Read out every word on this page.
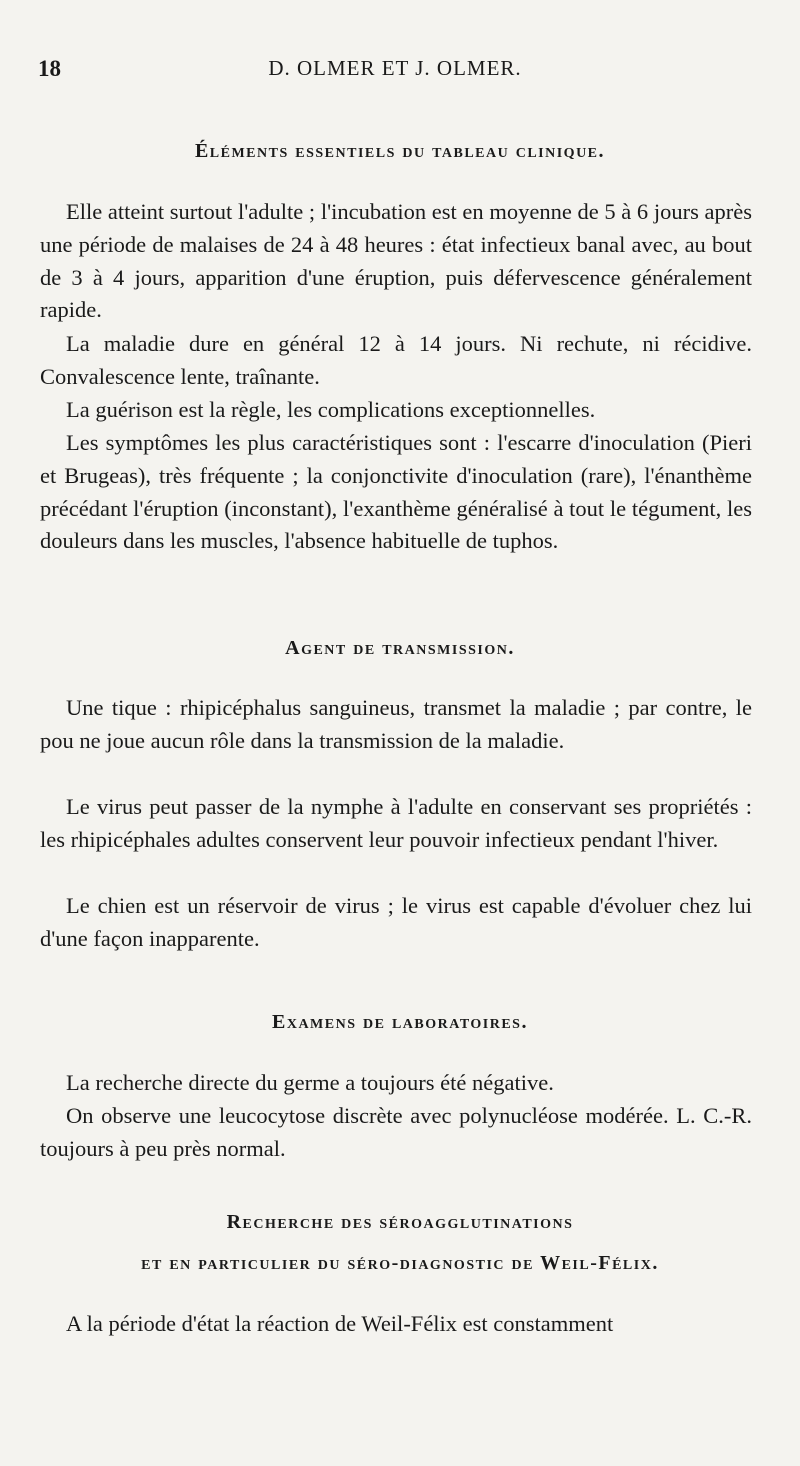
18	D. OLMER ET J. OLMER.
Éléments essentiels du tableau clinique.

Elle atteint surtout l'adulte ; l'incubation est en moyenne de 5 à 6 jours après une période de malaises de 24 à 48 heures : état infectieux banal avec, au bout de 3 à 4 jours, apparition d'une éruption, puis défervescence généralement rapide.

La maladie dure en général 12 à 14 jours. Ni rechute, ni récidive. Convalescence lente, traînante.

La guérison est la règle, les complications exceptionnelles.

Les symptômes les plus caractéristiques sont : l'escarre d'inoculation (Pieri et Brugeas), très fréquente ; la conjonctivite d'inoculation (rare), l'énanthème précédant l'éruption (inconstant), l'exanthème généralisé à tout le tégument, les douleurs dans les muscles, l'absence habituelle de tuphos.

Agent de transmission.

Une tique : rhipicéphalus sanguineus, transmet la maladie ; par contre, le pou ne joue aucun rôle dans la transmission de la maladie.

Le virus peut passer de la nymphe à l'adulte en conservant ses propriétés : les rhipicéphales adultes conservent leur pouvoir infectieux pendant l'hiver.

Le chien est un réservoir de virus ; le virus est capable d'évoluer chez lui d'une façon inapparente.

Examens de laboratoires.

La recherche directe du germe a toujours été négative.

On observe une leucocytose discrète avec polynucléose modérée. L. C.-R. toujours à peu près normal.

Recherche des séroagglutinations
et en particulier du séro-diagnostic de Weil-Félix.

A la période d'état la réaction de Weil-Félix est constamment
